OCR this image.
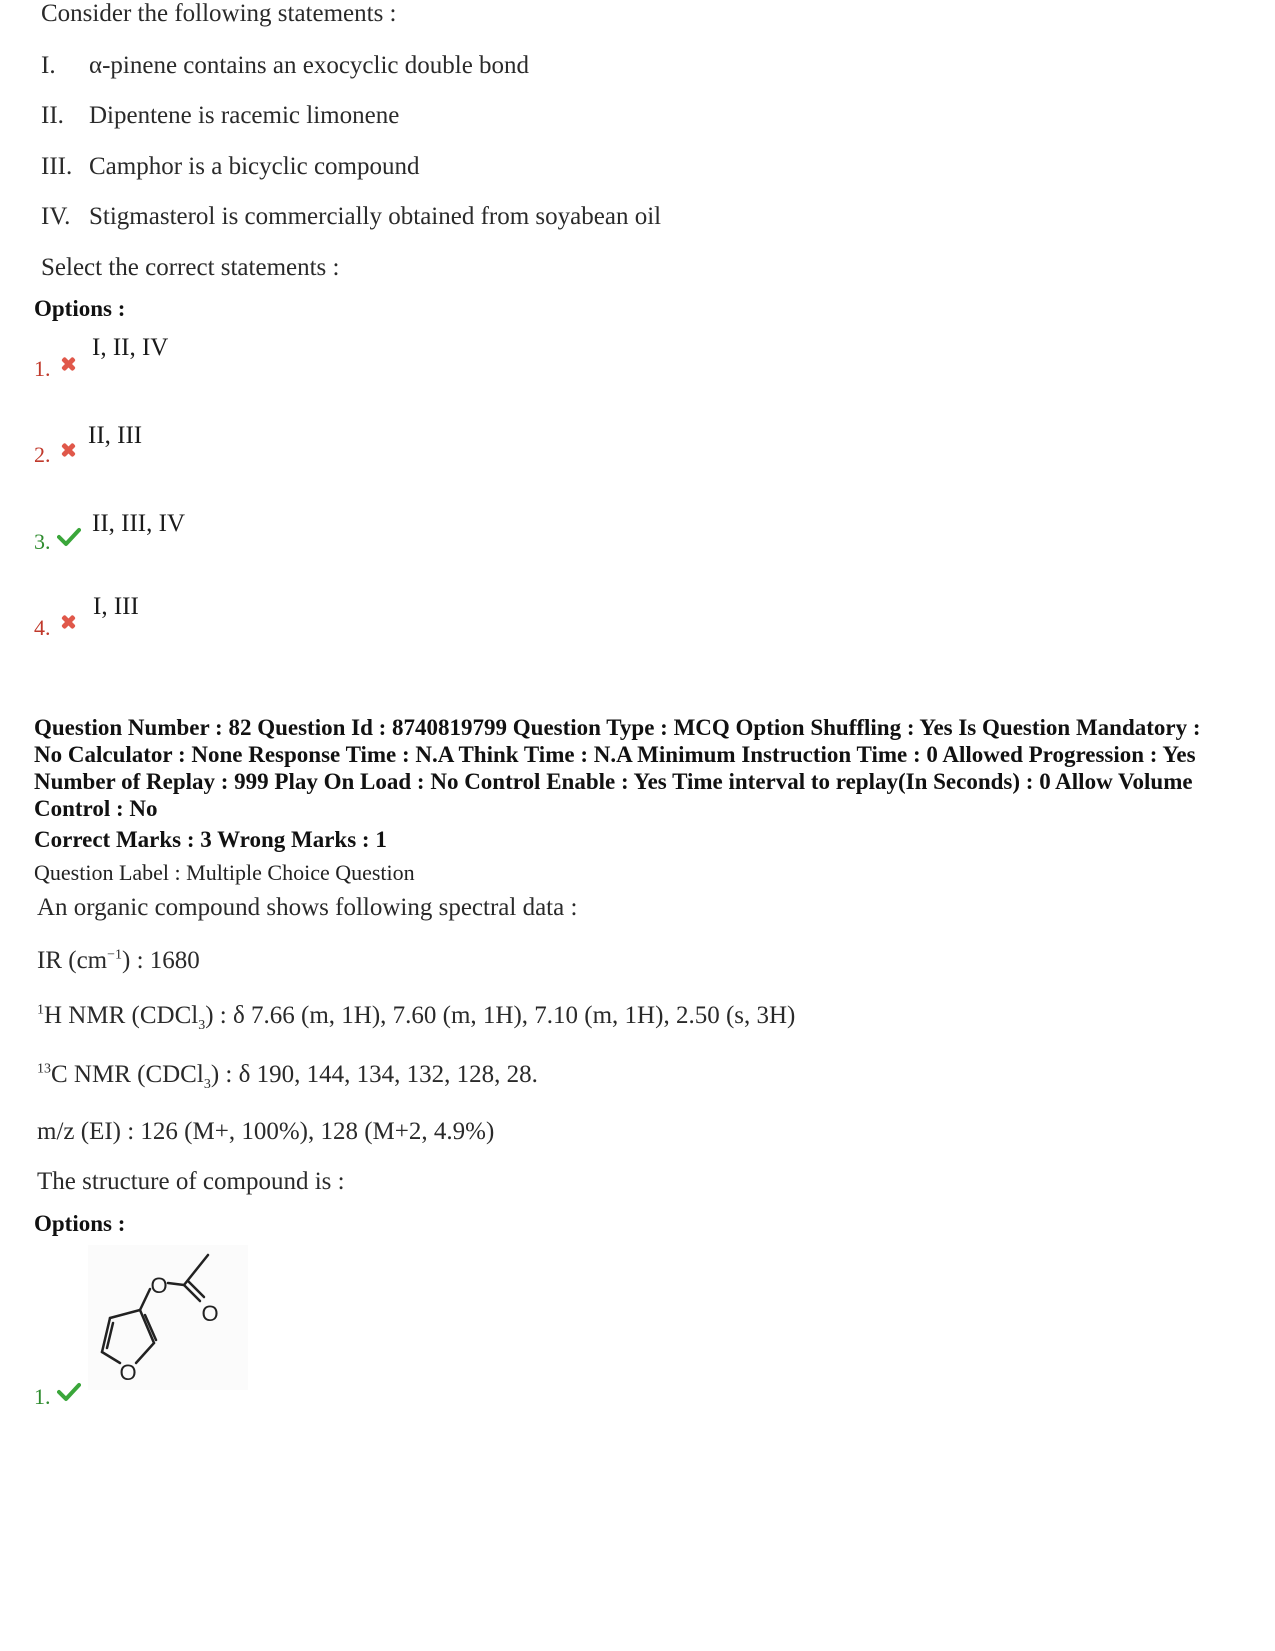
Consider the following statements :
I. α-pinene contains an exocyclic double bond
II. Dipentene is racemic limonene
III. Camphor is a bicyclic compound
IV. Stigmasterol is commercially obtained from soyabean oil
Select the correct statements :
Options :
1.
I, II, IV
2.
II, III
3.
II, III, IV
4.
I, III
Question Number : 82 Question Id : 8740819799 Question Type : MCQ Option Shuffling : Yes Is Question Mandatory : No Calculator : None Response Time : N.A Think Time : N.A Minimum Instruction Time : 0 Allowed Progression : Yes Number of Replay : 999 Play On Load : No Control Enable : Yes Time interval to replay(In Seconds) : 0 Allow Volume Control : No
Correct Marks : 3 Wrong Marks : 1
Question Label : Multiple Choice Question
An organic compound shows following spectral data :
IR $(cm^{-1})$ : 1680
$^1$H NMR (CDCl$_3$) : δ 7.66 (m, 1H), 7.60 (m, 1H), 7.10 (m, 1H), 2.50 (s, 3H)
$^{13}$C NMR (CDCl$_3$) : δ 190, 144, 134, 132, 128, 28.
m/z (EI) : 126 (M+, 100%), 128 (M+2, 4.9%)
The structure of compound is :
Options :
O
O
O
1.
